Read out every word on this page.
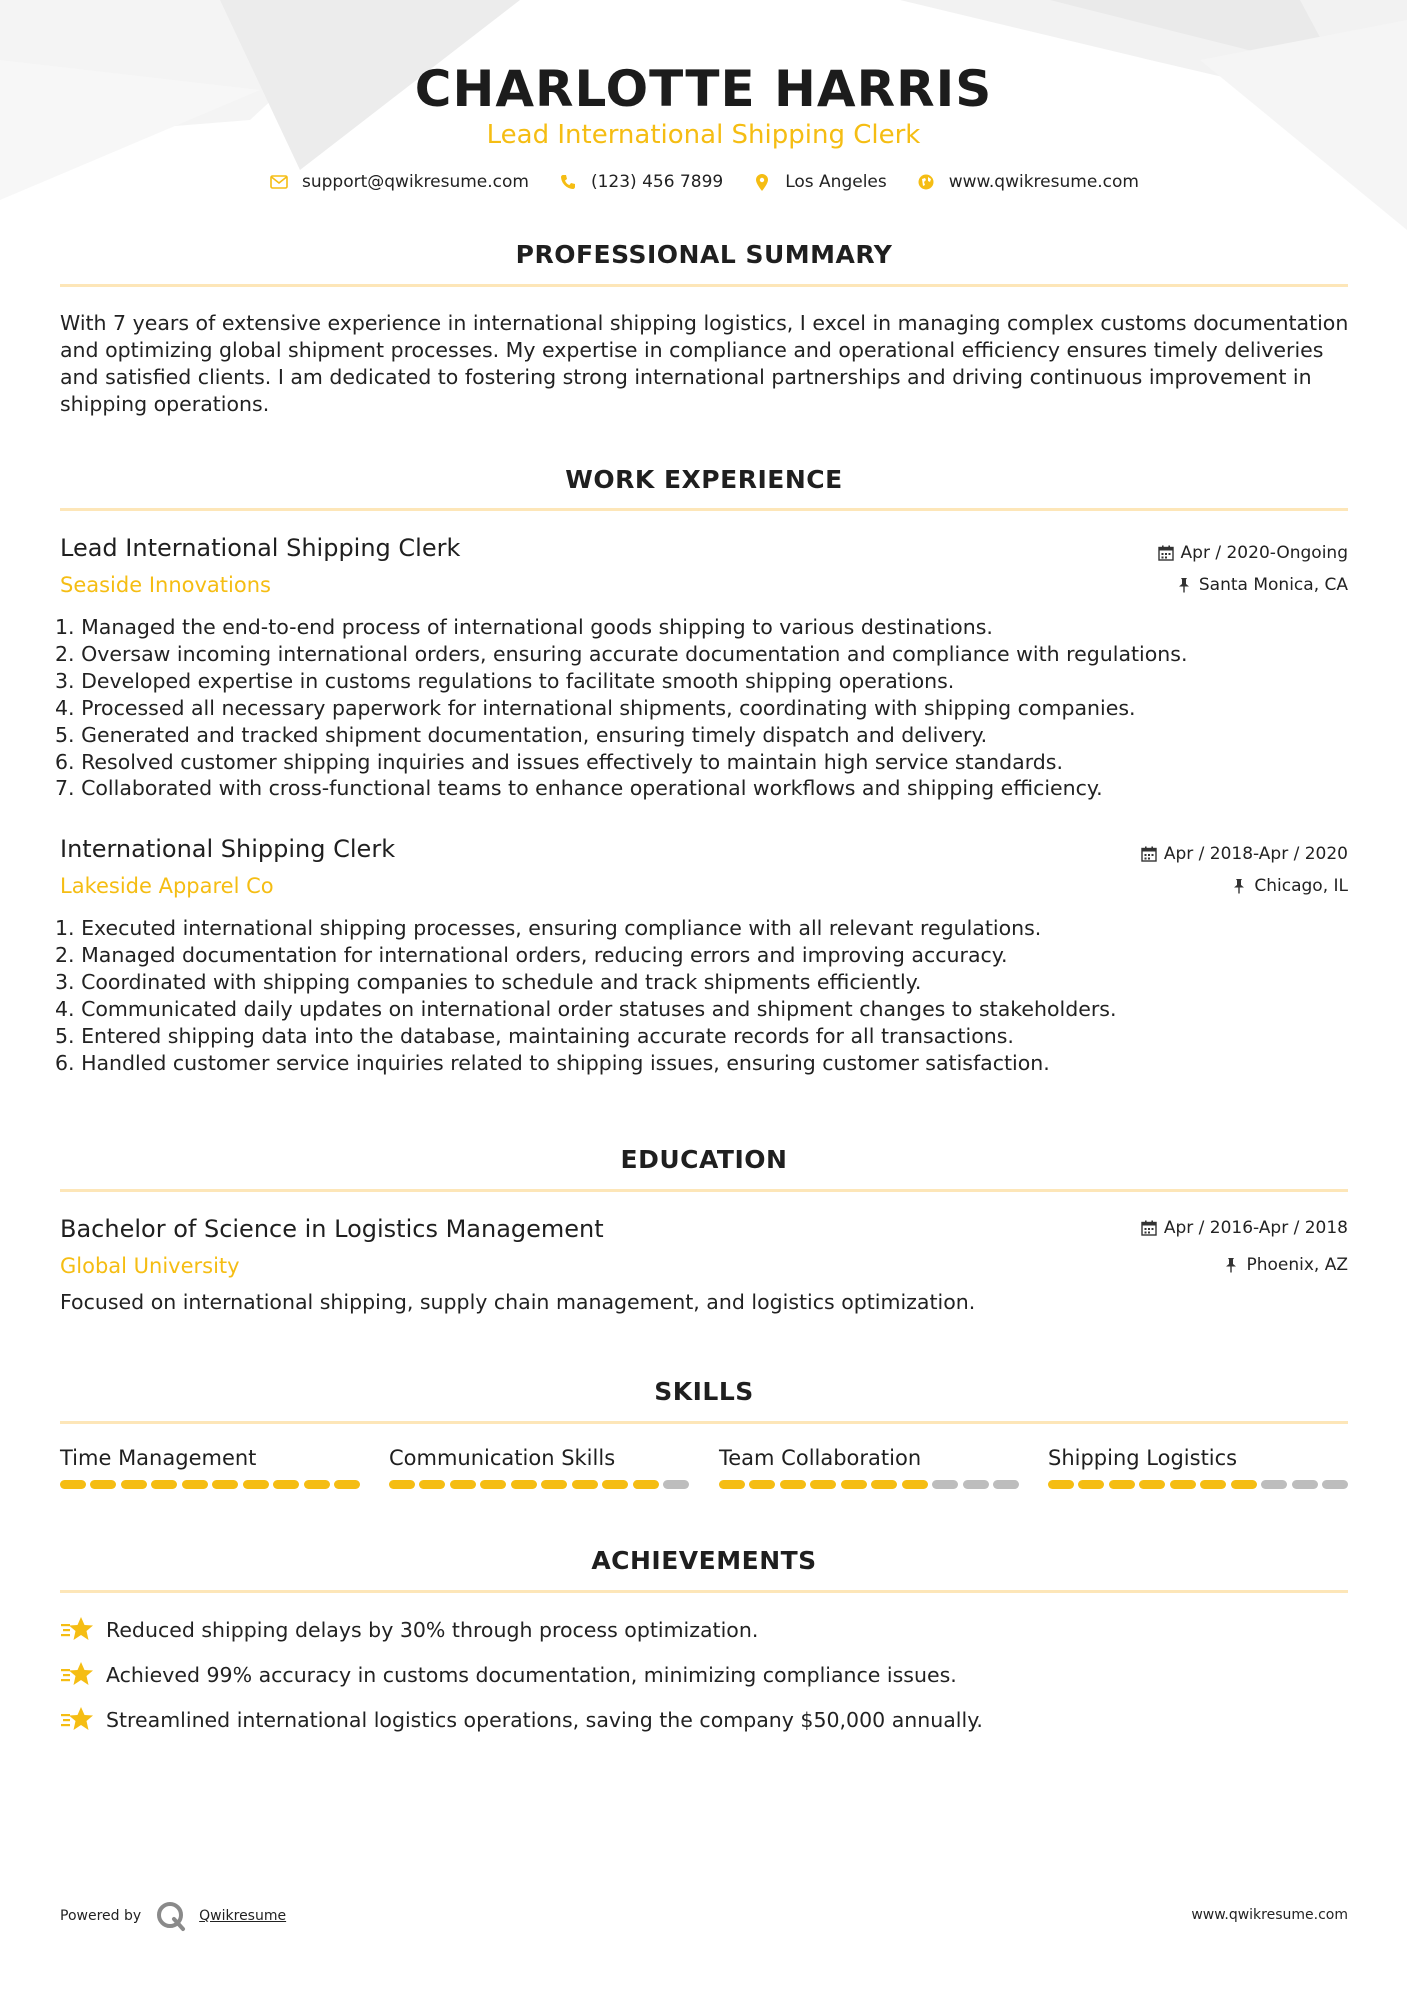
CHARLOTTE HARRIS
Lead International Shipping Clerk
support@qwikresume.com	(123) 456 7899	Los Angeles	www.qwikresume.com
PROFESSIONAL SUMMARY
With 7 years of extensive experience in international shipping logistics, I excel in managing complex customs documentation and optimizing global shipment processes. My expertise in compliance and operational efficiency ensures timely deliveries and satisfied clients. I am dedicated to fostering strong international partnerships and driving continuous improvement in shipping operations.
WORK EXPERIENCE
Lead International Shipping Clerk
Seaside Innovations
Apr / 2020-Ongoing
Santa Monica, CA
1. Managed the end-to-end process of international goods shipping to various destinations.
2. Oversaw incoming international orders, ensuring accurate documentation and compliance with regulations.
3. Developed expertise in customs regulations to facilitate smooth shipping operations.
4. Processed all necessary paperwork for international shipments, coordinating with shipping companies.
5. Generated and tracked shipment documentation, ensuring timely dispatch and delivery.
6. Resolved customer shipping inquiries and issues effectively to maintain high service standards.
7. Collaborated with cross-functional teams to enhance operational workflows and shipping efficiency.
International Shipping Clerk
Lakeside Apparel Co
Apr / 2018-Apr / 2020
Chicago, IL
1. Executed international shipping processes, ensuring compliance with all relevant regulations.
2. Managed documentation for international orders, reducing errors and improving accuracy.
3. Coordinated with shipping companies to schedule and track shipments efficiently.
4. Communicated daily updates on international order statuses and shipment changes to stakeholders.
5. Entered shipping data into the database, maintaining accurate records for all transactions.
6. Handled customer service inquiries related to shipping issues, ensuring customer satisfaction.
EDUCATION
Bachelor of Science in Logistics Management
Global University
Apr / 2016-Apr / 2018
Phoenix, AZ
Focused on international shipping, supply chain management, and logistics optimization.
SKILLS
Time Management	Communication Skills	Team Collaboration	Shipping Logistics
ACHIEVEMENTS
Reduced shipping delays by 30% through process optimization.
Achieved 99% accuracy in customs documentation, minimizing compliance issues.
Streamlined international logistics operations, saving the company $50,000 annually.
Powered by	Qwikresume	www.qwikresume.com
